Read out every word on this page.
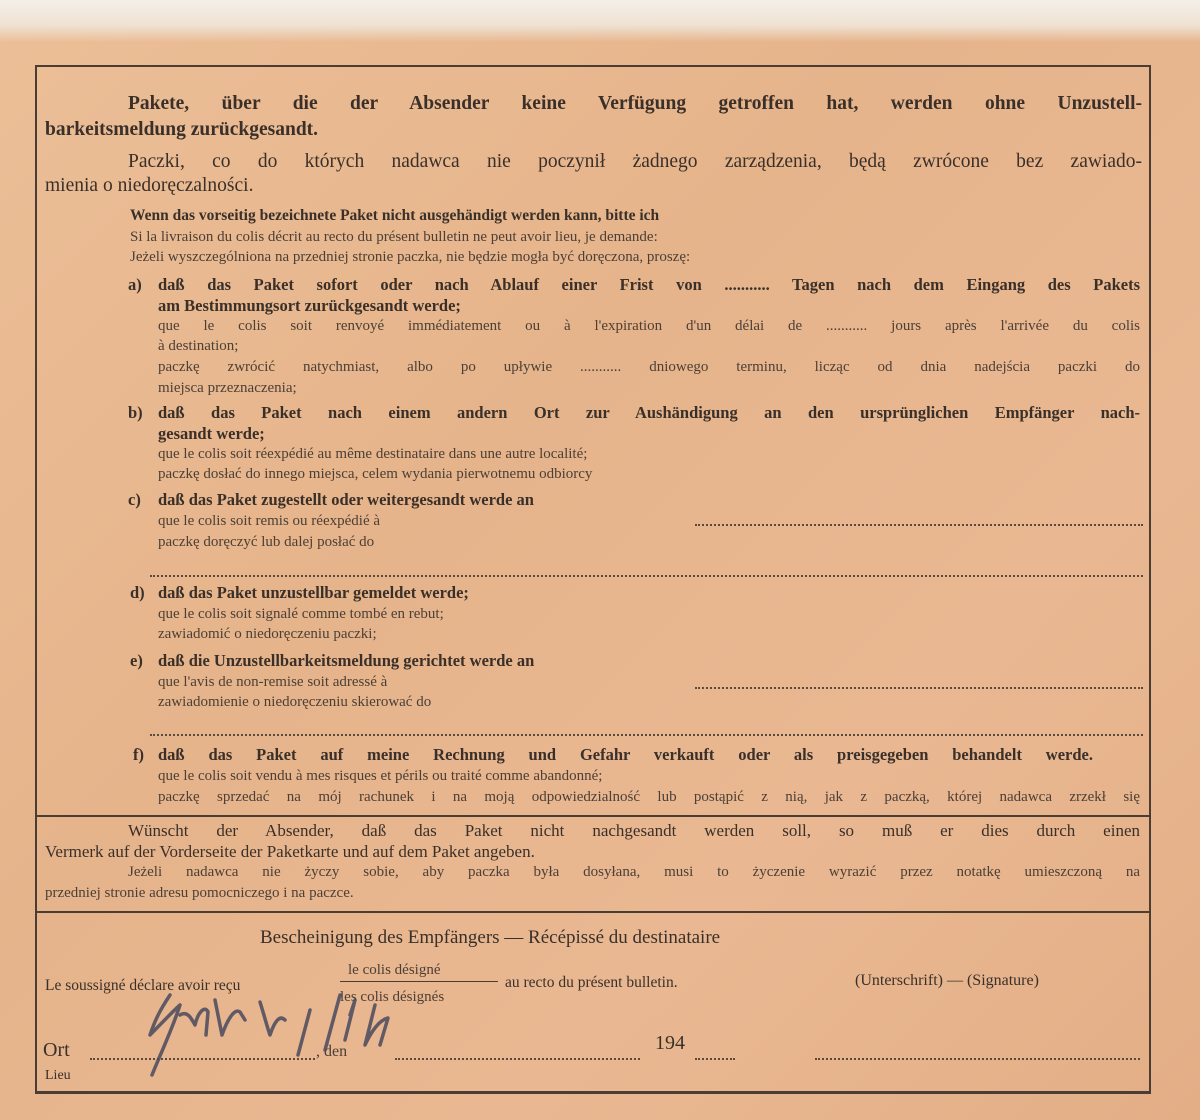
Pakete, über die der Absender keine Verfügung getroffen hat, werden ohne Unzustell-
barkeitsmeldung zurückgesandt.
Paczki, co do których nadawca nie poczynił żadnego zarządzenia, będą zwrócone bez zawiado-
mienia o niedoręczalności.
Wenn das vorseitig bezeichnete Paket nicht ausgehändigt werden kann, bitte ich
Si la livraison du colis décrit au recto du présent bulletin ne peut avoir lieu, je demande:
Jeżeli wyszczególniona na przedniej stronie paczka, nie będzie mogła być doręczona, proszę:
a) daß das Paket sofort oder nach Ablauf einer Frist von ........... Tagen nach dem Eingang des Pakets
am Bestimmungsort zurückgesandt werde;
que le colis soit renvoyé immédiatement ou à l'expiration d'un délai de ........... jours après l'arrivée du colis
à destination;
paczkę zwrócić natychmiast, albo po upływie ........... dniowego terminu, licząc od dnia nadejścia paczki do
miejsca przeznaczenia;
b) daß das Paket nach einem andern Ort zur Aushändigung an den ursprünglichen Empfänger nach-
gesandt werde;
que le colis soit réexpédié au même destinataire dans une autre localité;
paczkę dosłać do innego miejsca, celem wydania pierwotnemu odbiorcy
c) daß das Paket zugestellt oder weitergesandt werde an
que le colis soit remis ou réexpédié à
paczkę doręczyć lub dalej posłać do
d) daß das Paket unzustellbar gemeldet werde;
que le colis soit signalé comme tombé en rebut;
zawiadomić o niedoręczeniu paczki;
e) daß die Unzustellbarkeitsmeldung gerichtet werde an
que l'avis de non-remise soit adressé à
zawiadomienie o niedoręczeniu skierować do
f) daß das Paket auf meine Rechnung und Gefahr verkauft oder als preisgegeben behandelt werde.
que le colis soit vendu à mes risques et périls ou traité comme abandonné;
paczkę sprzedać na mój rachunek i na moją odpowiedzialność lub postąpić z nią, jak z paczką, której nadawca zrzekł się
Wünscht der Absender, daß das Paket nicht nachgesandt werden soll, so muß er dies durch einen
Vermerk auf der Vorderseite der Paketkarte und auf dem Paket angeben.
Jeżeli nadawca nie życzy sobie, aby paczka była dosyłana, musi to życzenie wyrazić przez notatkę umieszczoną na
przedniej stronie adresu pomocniczego i na paczce.
Bescheinigung des Empfängers — Récépissé du destinataire
Le soussigné déclare avoir reçu
le colis désigné
les colis désignés
au recto du présent bulletin.	(Unterschrift) — (Signature)
Ort
Lieu
, den	194
